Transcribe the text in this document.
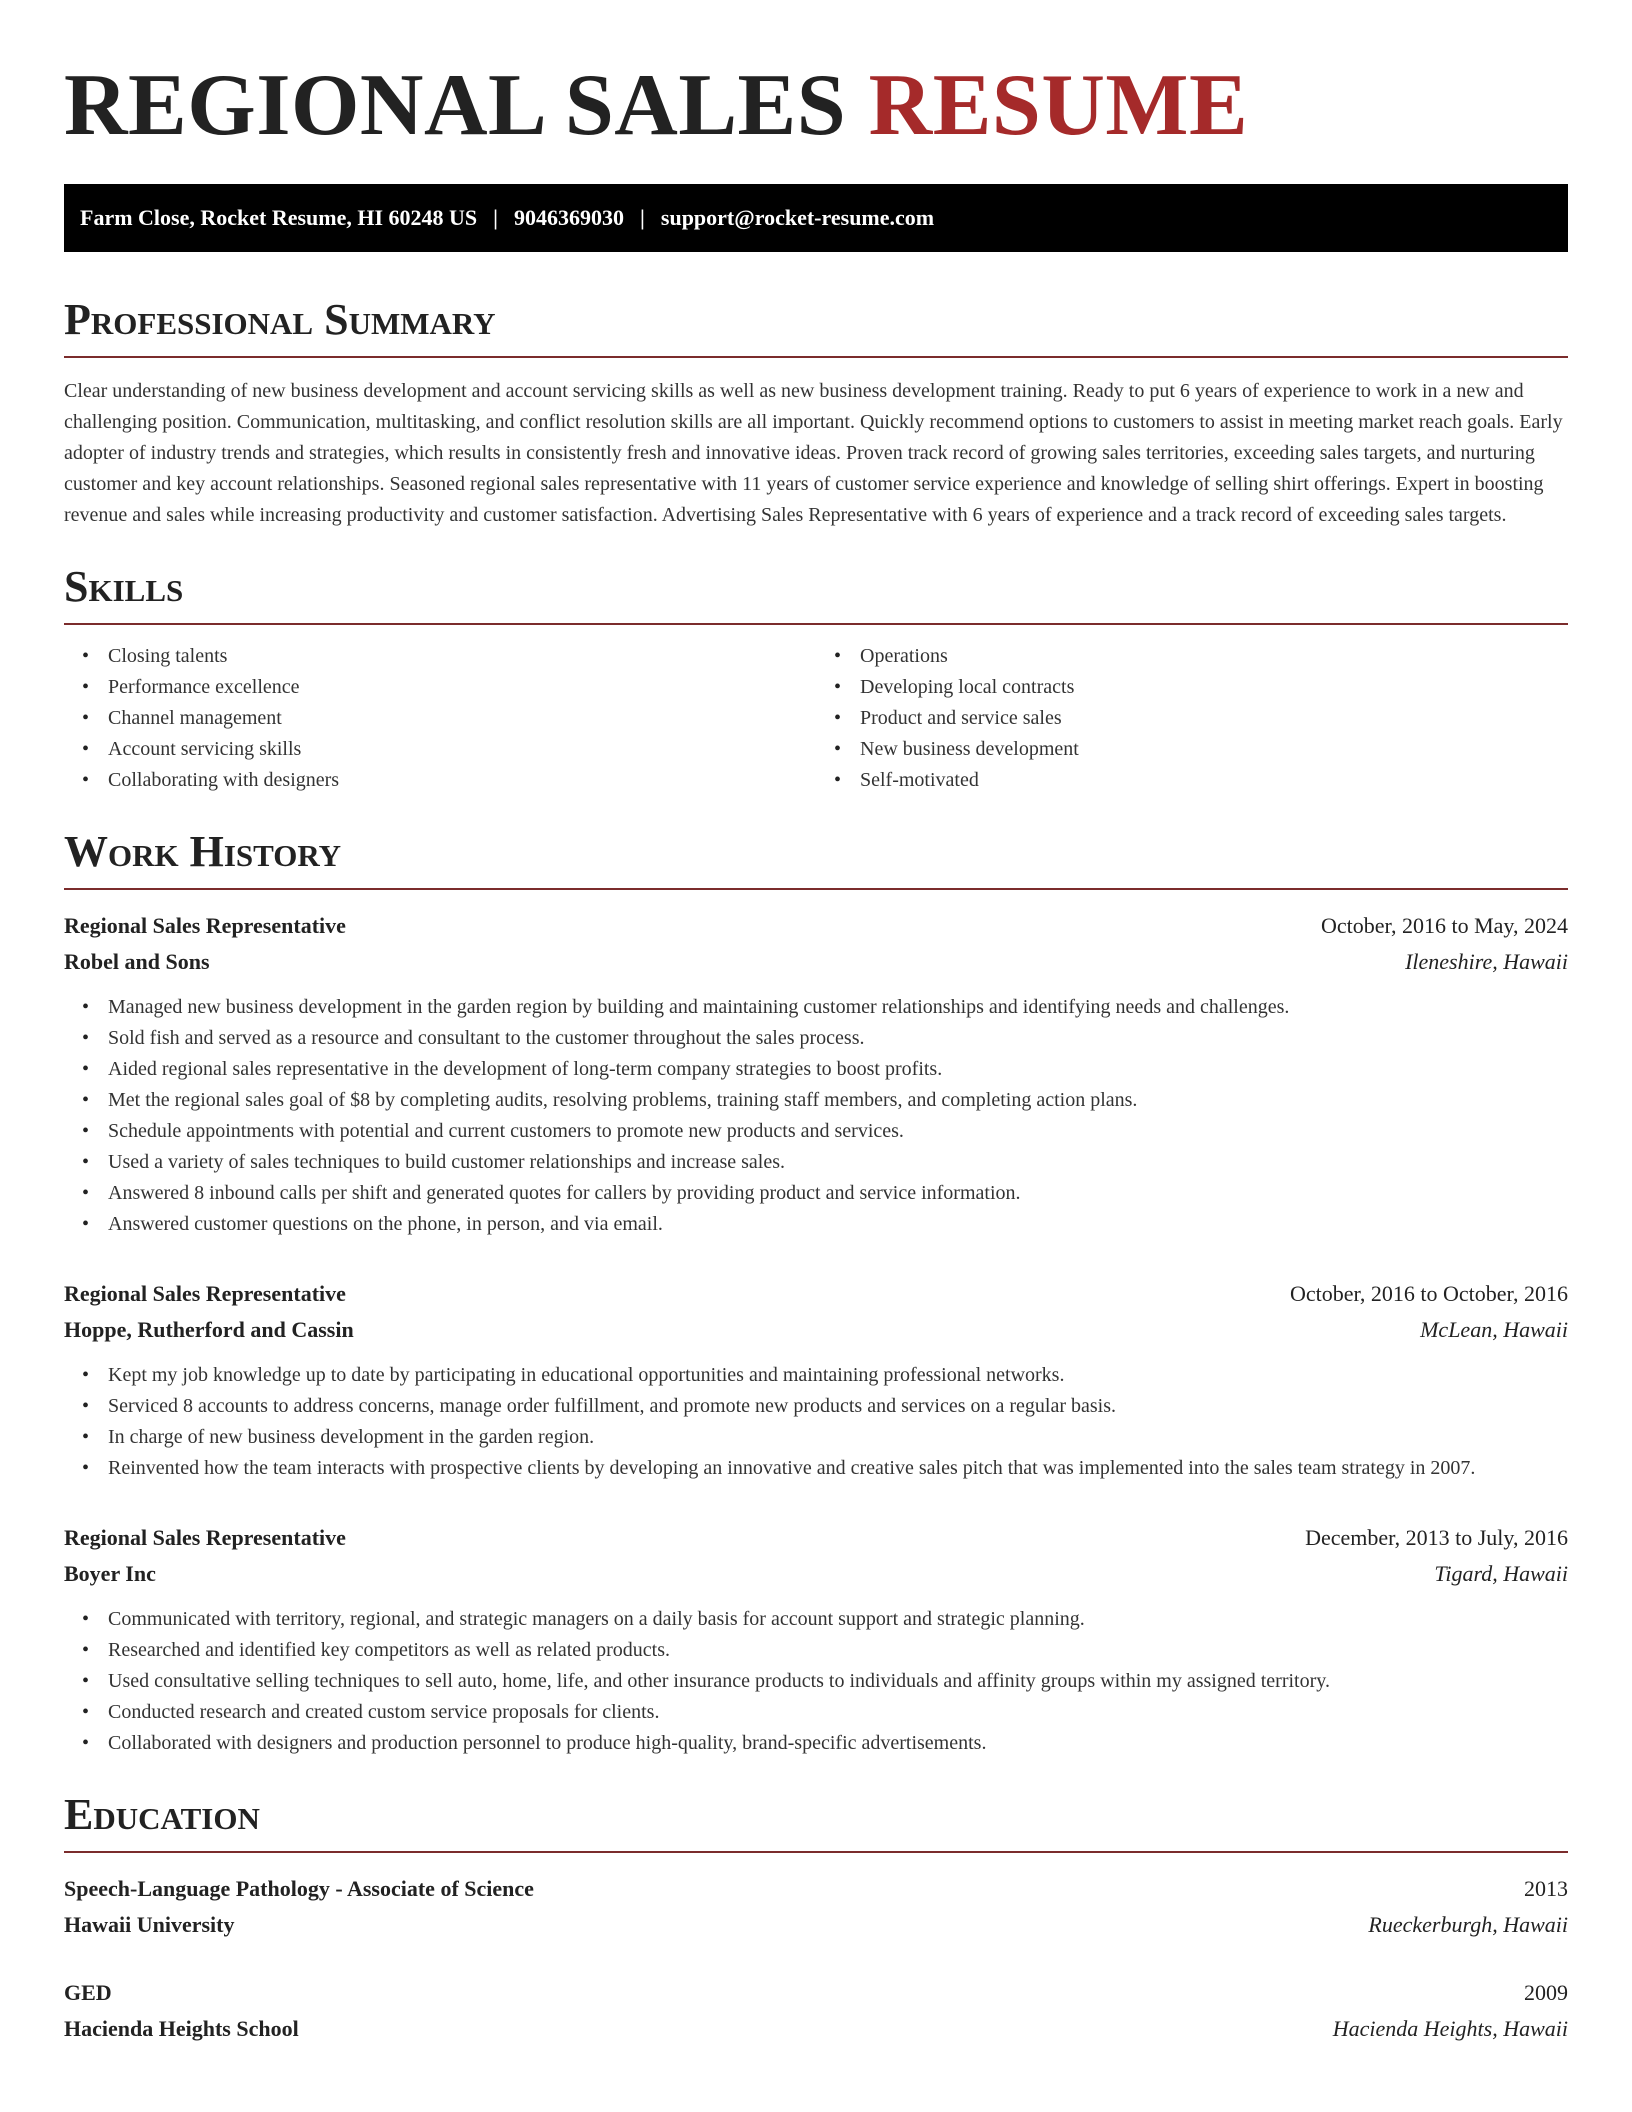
REGIONAL SALES RESUME
Farm Close, Rocket Resume, HI 60248 US | 9046369030 | support@rocket-resume.com
Professional Summary

Clear understanding of new business development and account servicing skills as well as new business development training. Ready to put 6 years of experience to work in a new and challenging position. Communication, multitasking, and conflict resolution skills are all important. Quickly recommend options to customers to assist in meeting market reach goals. Early adopter of industry trends and strategies, which results in consistently fresh and innovative ideas. Proven track record of growing sales territories, exceeding sales targets, and nurturing customer and key account relationships. Seasoned regional sales representative with 11 years of customer service experience and knowledge of selling shirt offerings. Expert in boosting revenue and sales while increasing productivity and customer satisfaction. Advertising Sales Representative with 6 years of experience and a track record of exceeding sales targets.

Skills
• Closing talents
• Performance excellence
• Channel management
• Account servicing skills
• Collaborating with designers
• Operations
• Developing local contracts
• Product and service sales
• New business development
• Self-motivated
Work History
Regional Sales Representative	October, 2016 to May, 2024
Robel and Sons	Ileneshire, Hawaii
• Managed new business development in the garden region by building and maintaining customer relationships and identifying needs and challenges.
• Sold fish and served as a resource and consultant to the customer throughout the sales process.
• Aided regional sales representative in the development of long-term company strategies to boost profits.
• Met the regional sales goal of $8 by completing audits, resolving problems, training staff members, and completing action plans.
• Schedule appointments with potential and current customers to promote new products and services.
• Used a variety of sales techniques to build customer relationships and increase sales.
• Answered 8 inbound calls per shift and generated quotes for callers by providing product and service information.
• Answered customer questions on the phone, in person, and via email.
Regional Sales Representative	October, 2016 to October, 2016
Hoppe, Rutherford and Cassin	McLean, Hawaii
• Kept my job knowledge up to date by participating in educational opportunities and maintaining professional networks.
• Serviced 8 accounts to address concerns, manage order fulfillment, and promote new products and services on a regular basis.
• In charge of new business development in the garden region.
• Reinvented how the team interacts with prospective clients by developing an innovative and creative sales pitch that was implemented into the sales team strategy in 2007.
Regional Sales Representative	December, 2013 to July, 2016
Boyer Inc	Tigard, Hawaii
• Communicated with territory, regional, and strategic managers on a daily basis for account support and strategic planning.
• Researched and identified key competitors as well as related products.
• Used consultative selling techniques to sell auto, home, life, and other insurance products to individuals and affinity groups within my assigned territory.
• Conducted research and created custom service proposals for clients.
• Collaborated with designers and production personnel to produce high-quality, brand-specific advertisements.
Education
Speech-Language Pathology - Associate of Science	2013
Hawaii University	Rueckerburgh, Hawaii
GED	2009
Hacienda Heights School	Hacienda Heights, Hawaii
